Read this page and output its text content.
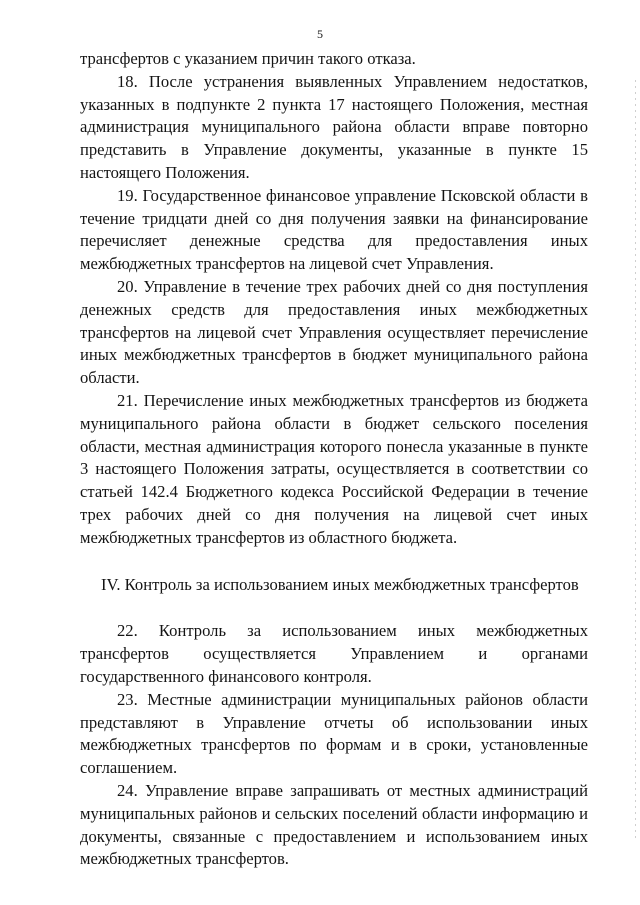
5

трансфертов с указанием причин такого отказа.

18. После устранения выявленных Управлением недостатков, указанных в подпункте 2 пункта 17 настоящего Положения, местная администрация муниципального района области вправе повторно представить в Управление документы, указанные в пункте 15 настоящего Положения.

19. Государственное финансовое управление Псковской области в течение тридцати дней со дня получения заявки на финансирование перечисляет денежные средства для предоставления иных межбюджетных трансфертов на лицевой счет Управления.

20. Управление в течение трех рабочих дней со дня поступления денежных средств для предоставления иных межбюджетных трансфертов на лицевой счет Управления осуществляет перечисление иных межбюджетных трансфертов в бюджет муниципального района области.

21. Перечисление иных межбюджетных трансфертов из бюджета муниципального района области в бюджет сельского поселения области, местная администрация которого понесла указанные в пункте 3 настоящего Положения затраты, осуществляется в соответствии со статьей 142.4 Бюджетного кодекса Российской Федерации в течение трех рабочих дней со дня получения на лицевой счет иных межбюджетных трансфертов из областного бюджета.

IV. Контроль за использованием иных межбюджетных трансфертов

22. Контроль за использованием иных межбюджетных трансфертов осуществляется Управлением и органами государственного финансового контроля.

23. Местные администрации муниципальных районов области представляют в Управление отчеты об использовании иных межбюджетных трансфертов по формам и в сроки, установленные соглашением.

24. Управление вправе запрашивать от местных администраций муниципальных районов и сельских поселений области информацию и документы, связанные с предоставлением и использованием иных межбюджетных трансфертов.
